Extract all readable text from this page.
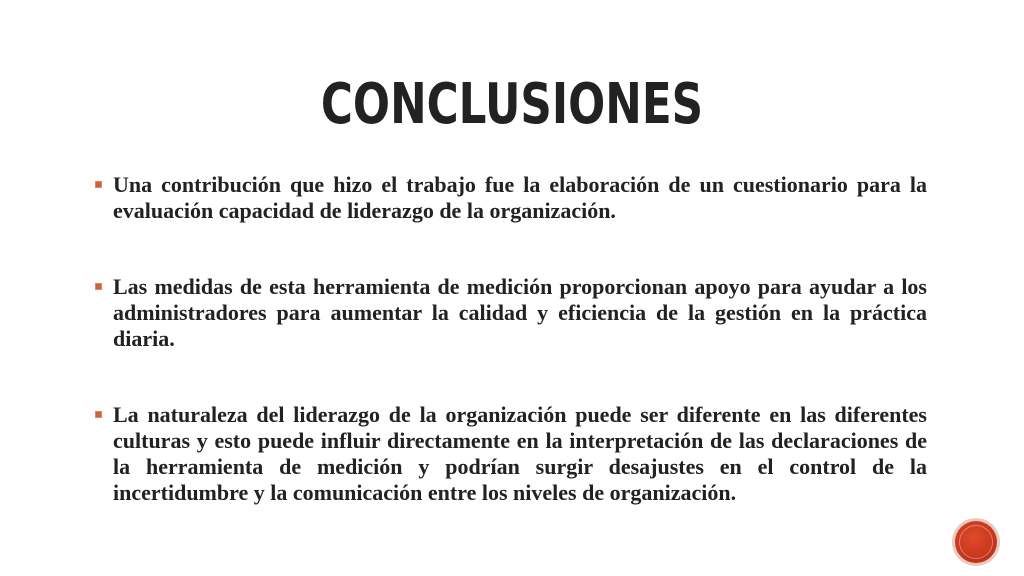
CONCLUSIONES
Una contribución que hizo el trabajo fue la elaboración de un cuestionario para la evaluación capacidad de liderazgo de la organización.
Las medidas de esta herramienta de medición proporcionan apoyo para ayudar a los administradores para aumentar la calidad y eficiencia de la gestión en la práctica diaria.
La naturaleza del liderazgo de la organización puede ser diferente en las diferentes culturas y esto puede influir directamente en la interpretación de las declaraciones de la herramienta de medición y podrían surgir desajustes en el control de la incertidumbre y la comunicación entre los niveles de organización.
